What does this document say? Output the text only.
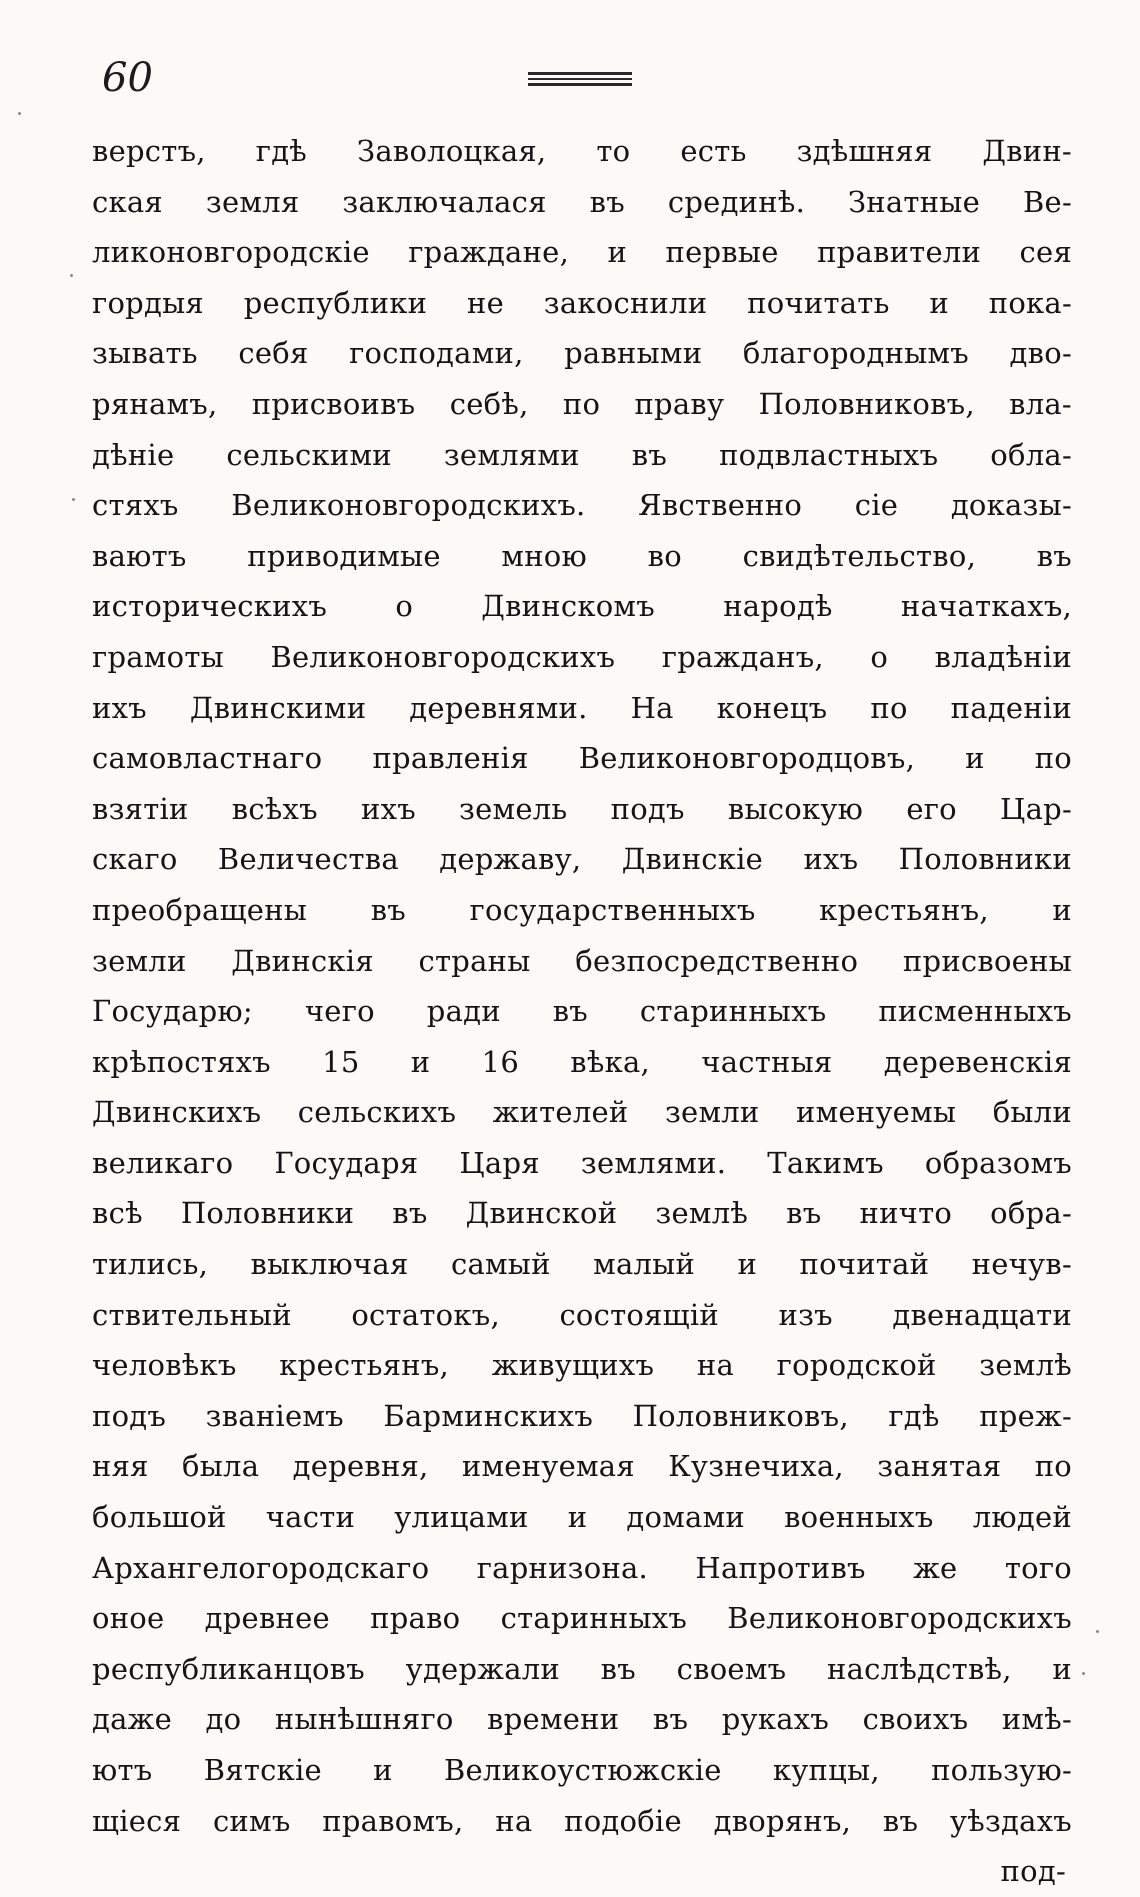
60
верстъ, гдѣ Заволоцкая, то есть здѣшняя Двин-
ская земля заключалася въ срединѣ. Знатные Ве-
ликоновгородскіе граждане, и первые правители сея
гордыя республики не закоснили почитать и пока-
зывать себя господами, равными благороднымъ дво-
рянамъ, присвоивъ себѣ, по праву Половниковъ, вла-
дѣніе сельскими землями въ подвластныхъ обла-
стяхъ Великоновгородскихъ. Явственно сіе доказы-
ваютъ приводимые мною во свидѣтельство, въ
историческихъ о Двинскомъ народѣ начаткахъ,
грамоты Великоновгородскихъ гражданъ, о владѣніи
ихъ Двинскими деревнями. На конецъ по паденіи
самовластнаго правленія Великоновгородцовъ, и по
взятіи всѣхъ ихъ земель подъ высокую его Цар-
скаго Величества державу, Двинскіе ихъ Половники
преобращены въ государственныхъ крестьянъ, и
земли Двинскія страны безпосредственно присвоены
Государю; чего ради въ старинныхъ писменныхъ
крѣпостяхъ 15 и 16 вѣка, частныя деревенскія
Двинскихъ сельскихъ жителей земли именуемы были
великаго Государя Царя землями. Такимъ образомъ
всѣ Половники въ Двинской землѣ въ ничто обра-
тились, выключая самый малый и почитай нечув-
ствительный остатокъ, состоящій изъ двенадцати
человѣкъ крестьянъ, живущихъ на городской землѣ
подъ званіемъ Барминскихъ Половниковъ, гдѣ преж-
няя была деревня, именуемая Кузнечиха, занятая по
большой части улицами и домами военныхъ людей
Архангелогородскаго гарнизона. Напротивъ же того
оное древнее право старинныхъ Великоновгородскихъ
республиканцовъ удержали въ своемъ наслѣдствѣ, и
даже до нынѣшняго времени въ рукахъ своихъ имѣ-
ютъ Вятскіе и Великоустюжскіе купцы, пользую-
щіеся симъ правомъ, на подобіе дворянъ, въ уѣздахъ
под-
